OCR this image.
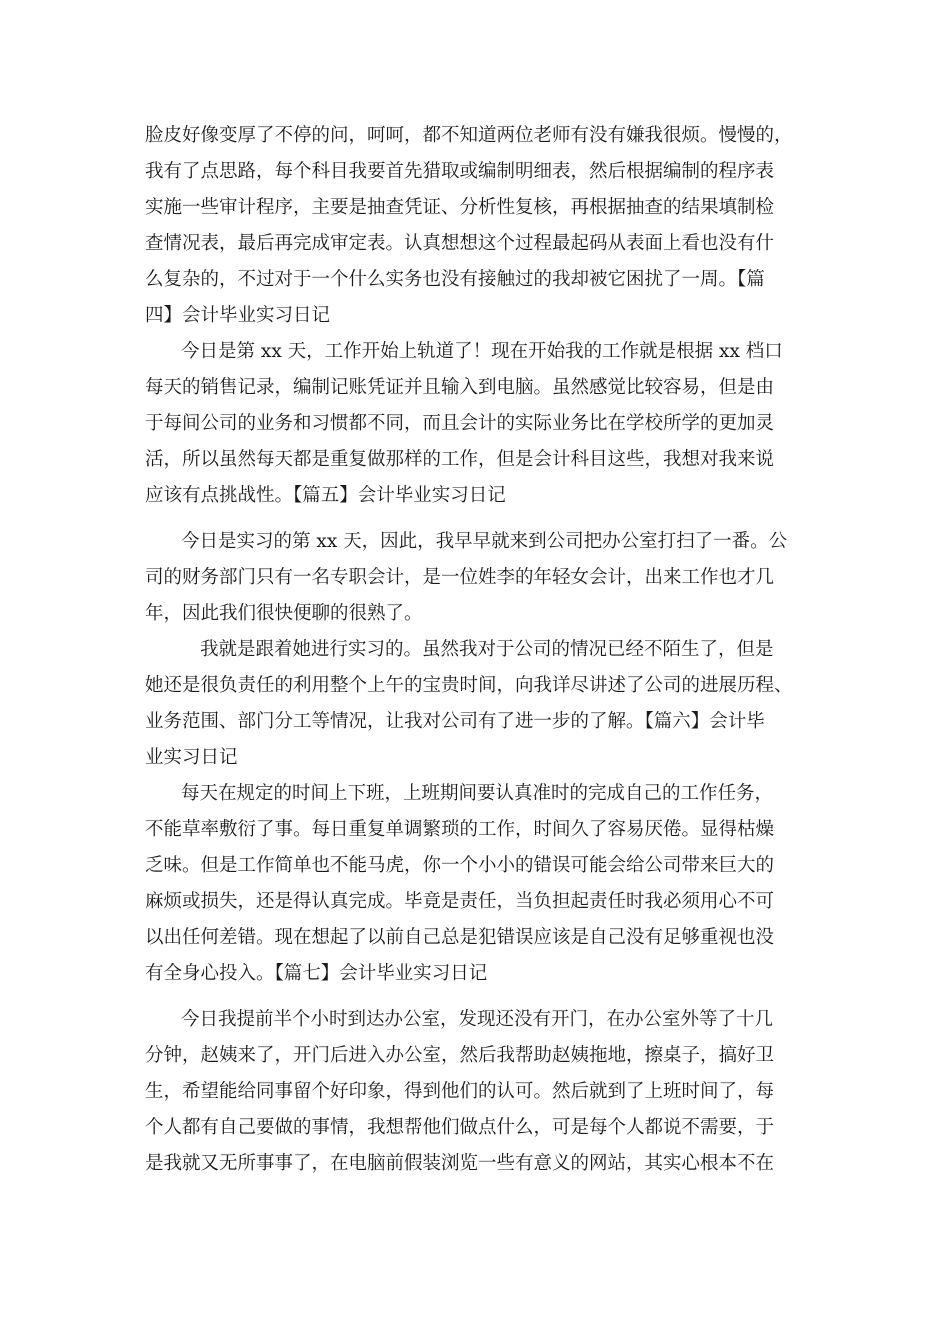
脸皮好像变厚了不停的问，呵呵，都不知道两位老师有没有嫌我很烦。慢慢的，
我有了点思路，每个科目我要首先猎取或编制明细表，然后根据编制的程序表
实施一些审计程序，主要是抽查凭证、分析性复核，再根据抽查的结果填制检
查情况表，最后再完成审定表。认真想想这个过程最起码从表面上看也没有什
么复杂的，不过对于一个什么实务也没有接触过的我却被它困扰了一周。【篇
四】会计毕业实习日记
今日是第 xx 天，工作开始上轨道了！现在开始我的工作就是根据 xx 档口
每天的销售记录，编制记账凭证并且输入到电脑。虽然感觉比较容易，但是由
于每间公司的业务和习惯都不同，而且会计的实际业务比在学校所学的更加灵
活，所以虽然每天都是重复做那样的工作，但是会计科目这些，我想对我来说
应该有点挑战性。【篇五】会计毕业实习日记
今日是实习的第 xx 天，因此，我早早就来到公司把办公室打扫了一番。公
司的财务部门只有一名专职会计，是一位姓李的年轻女会计，出来工作也才几
年，因此我们很快便聊的很熟了。
我就是跟着她进行实习的。虽然我对于公司的情况已经不陌生了，但是
她还是很负责任的利用整个上午的宝贵时间，向我详尽讲述了公司的进展历程、
业务范围、部门分工等情况，让我对公司有了进一步的了解。【篇六】会计毕
业实习日记
每天在规定的时间上下班，上班期间要认真准时的完成自己的工作任务，
不能草率敷衍了事。每日重复单调繁琐的工作，时间久了容易厌倦。显得枯燥
乏味。但是工作简单也不能马虎，你一个小小的错误可能会给公司带来巨大的
麻烦或损失，还是得认真完成。毕竟是责任，当负担起责任时我必须用心不可
以出任何差错。现在想起了以前自己总是犯错误应该是自己没有足够重视也没
有全身心投入。【篇七】会计毕业实习日记
今日我提前半个小时到达办公室，发现还没有开门，在办公室外等了十几
分钟，赵姨来了，开门后进入办公室，然后我帮助赵姨拖地，擦桌子，搞好卫
生，希望能给同事留个好印象，得到他们的认可。然后就到了上班时间了，每
个人都有自己要做的事情，我想帮他们做点什么，可是每个人都说不需要，于
是我就又无所事事了，在电脑前假装浏览一些有意义的网站，其实心根本不在
